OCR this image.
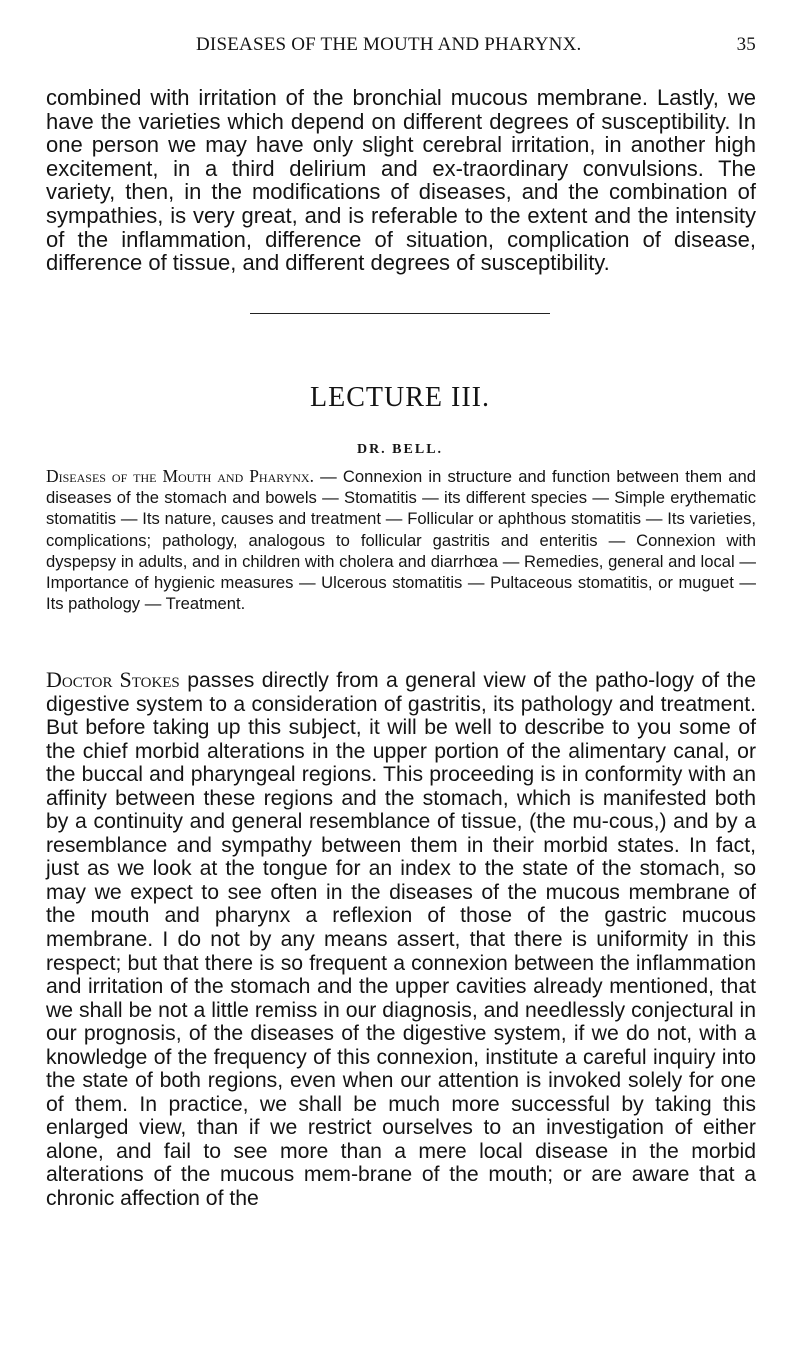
DISEASES OF THE MOUTH AND PHARYNX.	35

combined with irritation of the bronchial mucous membrane. Lastly, we have the varieties which depend on different degrees of susceptibility. In one person we may have only slight cerebral irritation, in another high excitement, in a third delirium and ex-traordinary convulsions. The variety, then, in the modifications of diseases, and the combination of sympathies, is very great, and is referable to the extent and the intensity of the inflammation, difference of situation, complication of disease, difference of tissue, and different degrees of susceptibility.

LECTURE III.
DR. BELL.

Diseases of the Mouth and Pharynx. — Connexion in structure and function between them and diseases of the stomach and bowels — Stomatitis — its different species — Simple erythematic stomatitis — Its nature, causes and treatment — Follicular or aphthous stomatitis — Its varieties, complications; pathology, analogous to follicular gastritis and enteritis — Connexion with dyspepsy in adults, and in children with cholera and diarrhœa — Remedies, general and local — Importance of hygienic measures — Ulcerous stomatitis — Pultaceous stomatitis, or muguet — Its pathology — Treatment.

Doctor Stokes passes directly from a general view of the patho-logy of the digestive system to a consideration of gastritis, its pathology and treatment. But before taking up this subject, it will be well to describe to you some of the chief morbid alterations in the upper portion of the alimentary canal, or the buccal and pharyngeal regions. This proceeding is in conformity with an affinity between these regions and the stomach, which is manifested both by a continuity and general resemblance of tissue, (the mu-cous,) and by a resemblance and sympathy between them in their morbid states. In fact, just as we look at the tongue for an index to the state of the stomach, so may we expect to see often in the diseases of the mucous membrane of the mouth and pharynx a reflexion of those of the gastric mucous membrane. I do not by any means assert, that there is uniformity in this respect; but that there is so frequent a connexion between the inflammation and irritation of the stomach and the upper cavities already mentioned, that we shall be not a little remiss in our diagnosis, and needlessly conjectural in our prognosis, of the diseases of the digestive system, if we do not, with a knowledge of the frequency of this connexion, institute a careful inquiry into the state of both regions, even when our attention is invoked solely for one of them. In practice, we shall be much more successful by taking this enlarged view, than if we restrict ourselves to an investigation of either alone, and fail to see more than a mere local disease in the morbid alterations of the mucous mem-brane of the mouth; or are aware that a chronic affection of the
